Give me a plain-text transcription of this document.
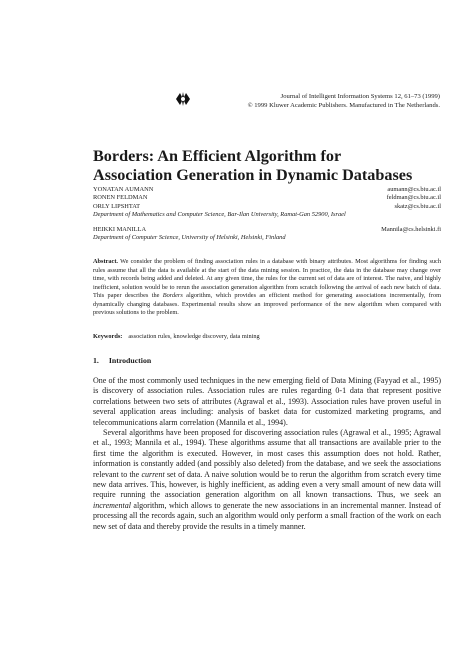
Journal of Intelligent Information Systems 12, 61–73 (1999)
© 1999 Kluwer Academic Publishers. Manufactured in The Netherlands.
Borders: An Efficient Algorithm for Association Generation in Dynamic Databases
YONATAN AUMANN	aumann@cs.biu.ac.il
RONEN FELDMAN	feldman@cs.biu.ac.il
ORLY LIPSHTAT	skatz@cs.biu.ac.il
Department of Mathematics and Computer Science, Bar-Ilan University, Ramat-Gan 52900, Israel
HEIKKI MANILLA	Mannila@cs.helsinki.fi
Department of Computer Science, University of Helsinki, Helsinki, Finland
Abstract. We consider the problem of finding association rules in a database with binary attributes. Most algorithms for finding such rules assume that all the data is available at the start of the data mining session. In practice, the data in the database may change over time, with records being added and deleted. At any given time, the rules for the current set of data are of interest. The naive, and highly inefficient, solution would be to rerun the association generation algorithm from scratch following the arrival of each new batch of data. This paper describes the Borders algorithm, which provides an efficient method for generating associations incrementally, from dynamically changing databases. Experimental results show an improved performance of the new algorithm when compared with previous solutions to the problem.
Keywords: association rules, knowledge discovery, data mining
1. Introduction

One of the most commonly used techniques in the new emerging field of Data Mining (Fayyad et al., 1995) is discovery of association rules. Association rules are rules regarding 0-1 data that represent positive correlations between two sets of attributes (Agrawal et al., 1993). Association rules have proven useful in several application areas including: analysis of basket data for customized marketing programs, and telecommunications alarm correlation (Mannila et al., 1994).

Several algorithms have been proposed for discovering association rules (Agrawal et al., 1995; Agrawal et al., 1993; Mannila et al., 1994). These algorithms assume that all transactions are available prier to the first time the algorithm is executed. However, in most cases this assumption does not hold. Rather, information is constantly added (and possibly also deleted) from the database, and we seek the associations relevant to the current set of data. A naive solution would be to rerun the algorithm from scratch every time new data arrives. This, however, is highly inefficient, as adding even a very small amount of new data will require running the association generation algorithm on all known transactions. Thus, we seek an incremental algorithm, which allows to generate the new associations in an incremental manner. Instead of processing all the records again, such an algorithm would only perform a small fraction of the work on each new set of data and thereby provide the results in a timely manner.
